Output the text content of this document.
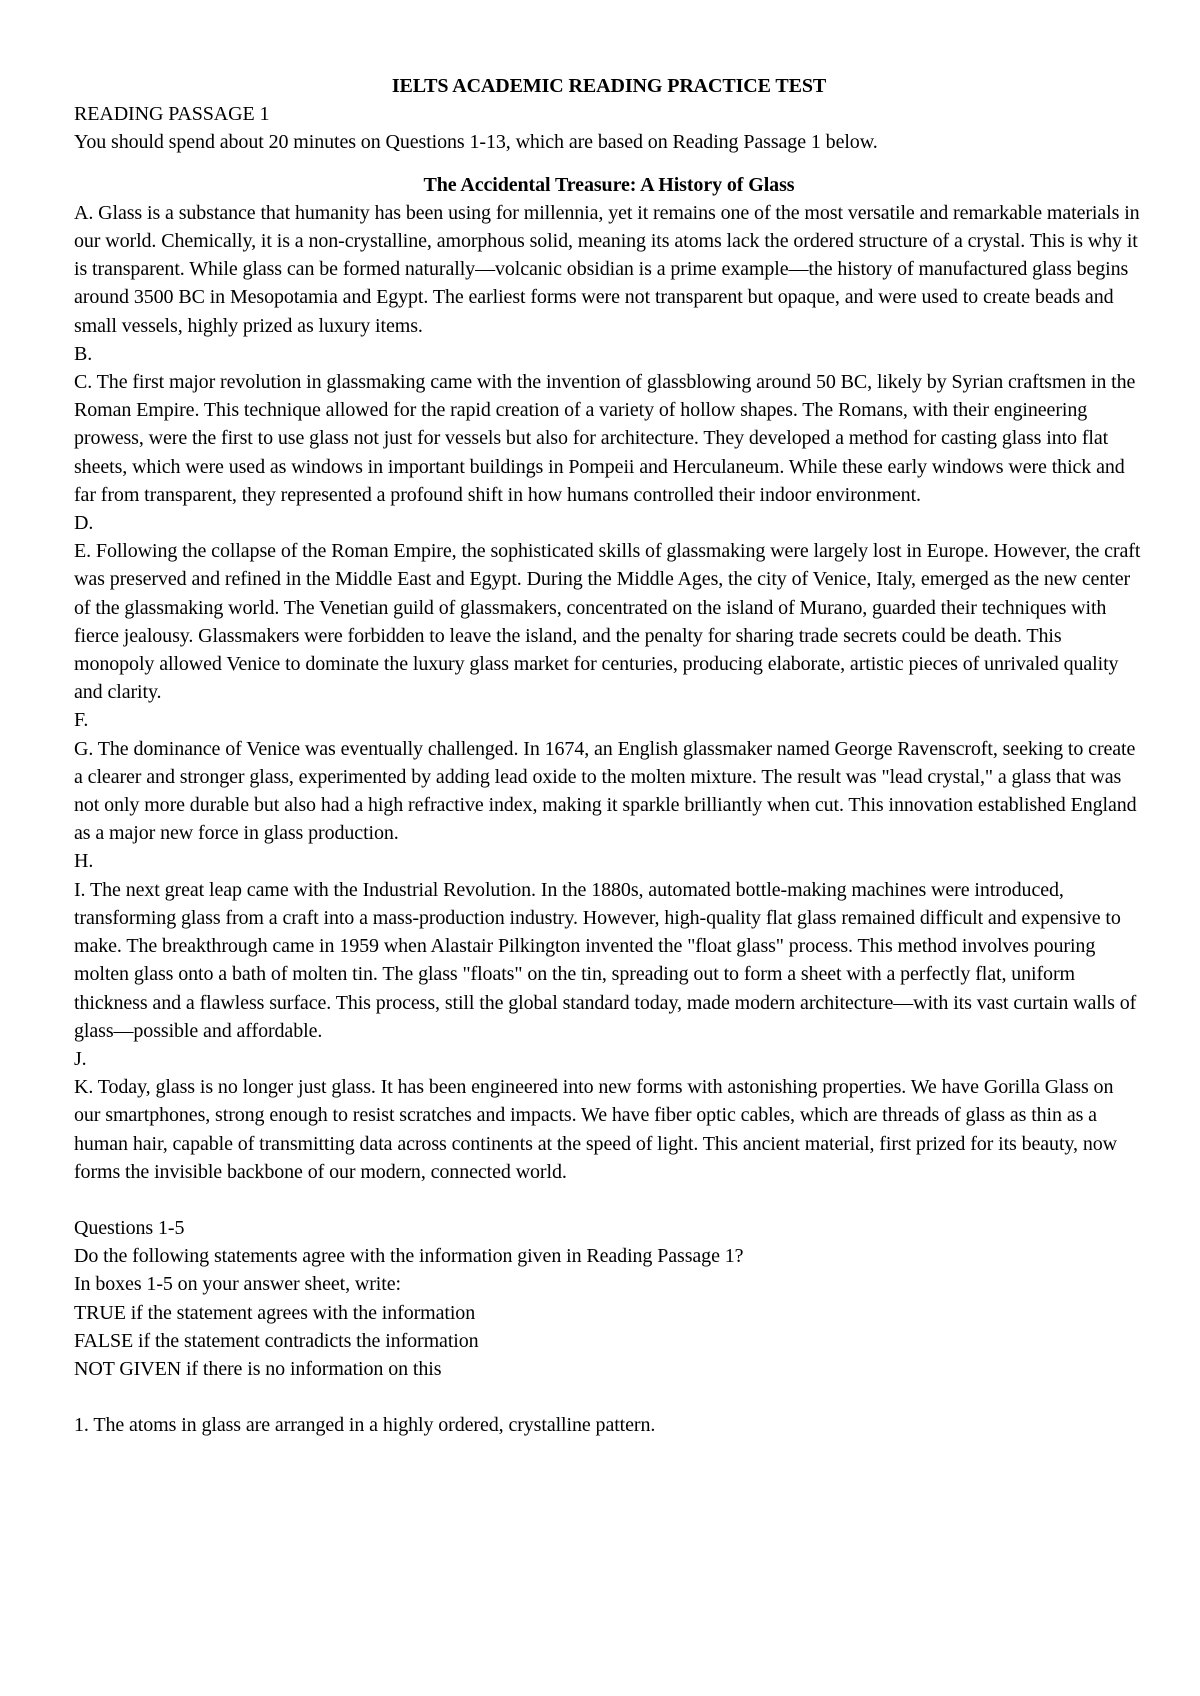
IELTS ACADEMIC READING PRACTICE TEST

READING PASSAGE 1

You should spend about 20 minutes on Questions 1-13, which are based on Reading Passage 1 below.

The Accidental Treasure: A History of Glass

A. Glass is a substance that humanity has been using for millennia, yet it remains one of the most versatile and remarkable materials in our world. Chemically, it is a non-crystalline, amorphous solid, meaning its atoms lack the ordered structure of a crystal. This is why it is transparent. While glass can be formed naturally—volcanic obsidian is a prime example—the history of manufactured glass begins around 3500 BC in Mesopotamia and Egypt. The earliest forms were not transparent but opaque, and were used to create beads and small vessels, highly prized as luxury items.

B.

C. The first major revolution in glassmaking came with the invention of glassblowing around 50 BC, likely by Syrian craftsmen in the Roman Empire. This technique allowed for the rapid creation of a variety of hollow shapes. The Romans, with their engineering prowess, were the first to use glass not just for vessels but also for architecture. They developed a method for casting glass into flat sheets, which were used as windows in important buildings in Pompeii and Herculaneum. While these early windows were thick and far from transparent, they represented a profound shift in how humans controlled their indoor environment.

D.

E. Following the collapse of the Roman Empire, the sophisticated skills of glassmaking were largely lost in Europe. However, the craft was preserved and refined in the Middle East and Egypt. During the Middle Ages, the city of Venice, Italy, emerged as the new center of the glassmaking world. The Venetian guild of glassmakers, concentrated on the island of Murano, guarded their techniques with fierce jealousy. Glassmakers were forbidden to leave the island, and the penalty for sharing trade secrets could be death. This monopoly allowed Venice to dominate the luxury glass market for centuries, producing elaborate, artistic pieces of unrivaled quality and clarity.

F.

G. The dominance of Venice was eventually challenged. In 1674, an English glassmaker named George Ravenscroft, seeking to create a clearer and stronger glass, experimented by adding lead oxide to the molten mixture. The result was "lead crystal," a glass that was not only more durable but also had a high refractive index, making it sparkle brilliantly when cut. This innovation established England as a major new force in glass production.

H.

I. The next great leap came with the Industrial Revolution. In the 1880s, automated bottle-making machines were introduced, transforming glass from a craft into a mass-production industry. However, high-quality flat glass remained difficult and expensive to make. The breakthrough came in 1959 when Alastair Pilkington invented the "float glass" process. This method involves pouring molten glass onto a bath of molten tin. The glass "floats" on the tin, spreading out to form a sheet with a perfectly flat, uniform thickness and a flawless surface. This process, still the global standard today, made modern architecture—with its vast curtain walls of glass—possible and affordable.

J.

K. Today, glass is no longer just glass. It has been engineered into new forms with astonishing properties. We have Gorilla Glass on our smartphones, strong enough to resist scratches and impacts. We have fiber optic cables, which are threads of glass as thin as a human hair, capable of transmitting data across continents at the speed of light. This ancient material, first prized for its beauty, now forms the invisible backbone of our modern, connected world.

Questions 1-5

Do the following statements agree with the information given in Reading Passage 1?

In boxes 1-5 on your answer sheet, write:

TRUE if the statement agrees with the information

FALSE if the statement contradicts the information

NOT GIVEN if there is no information on this

1. The atoms in glass are arranged in a highly ordered, crystalline pattern.
